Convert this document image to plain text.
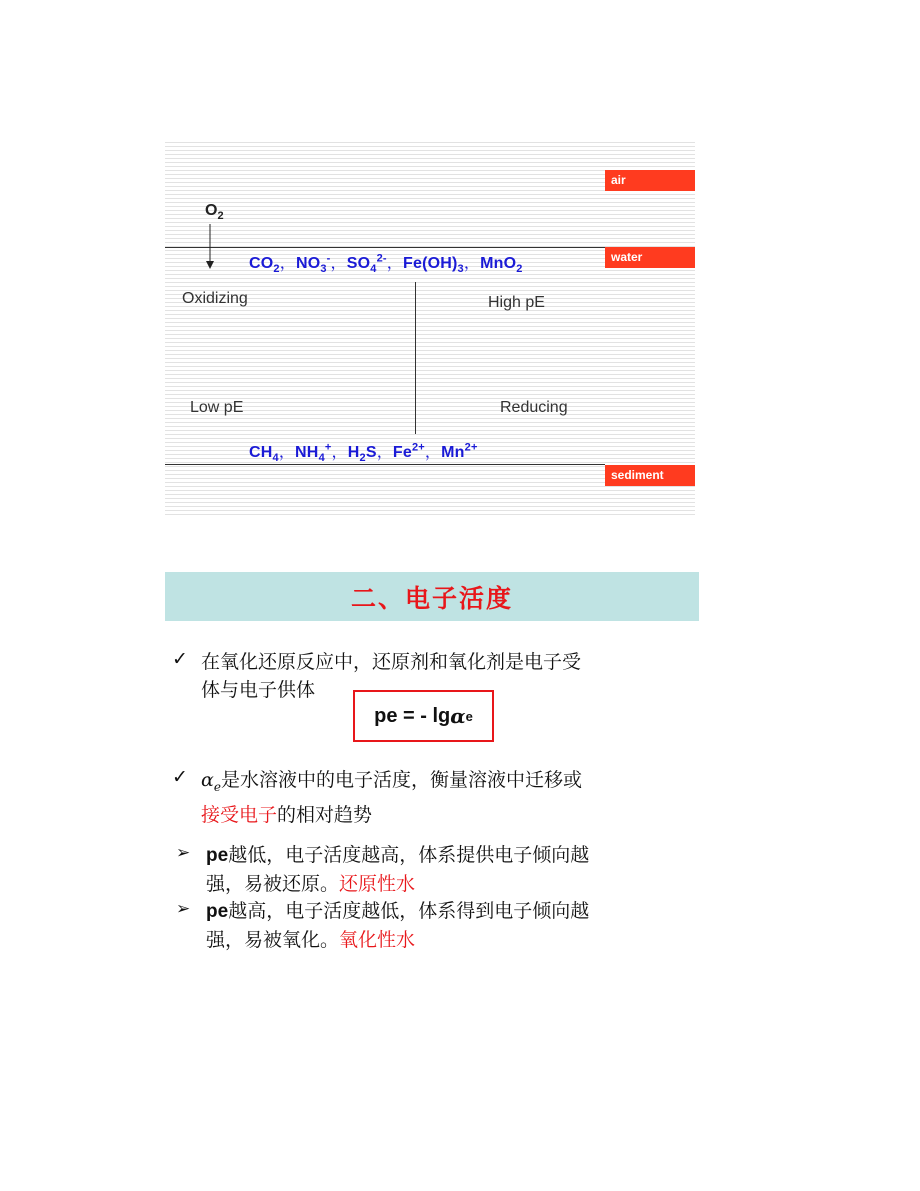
air
water
sediment
$O_2$
$CO_2$，$NO_3^-$，$SO_4^{2-}$，$Fe(OH)_3$，MnO$_2$
Oxidizing	High pE
Low pE	Reducing
$CH_4$，$NH_4^+$，$H_2S$，$Fe^{2+}$，$Mn^{2+}$
二、电子活度
✓ 在氧化还原反应中，还原剂和氧化剂是电子受
体与电子供体
pe = - lg α e
✓ $\alpha_e$是水溶液中的电子活度，衡量溶液中迁移或
接受电子的相对趋势
➢ pe越低，电子活度越高，体系提供电子倾向越
强，易被还原。还原性水
➢ pe越高，电子活度越低，体系得到电子倾向越
强，易被氧化。氧化性水
